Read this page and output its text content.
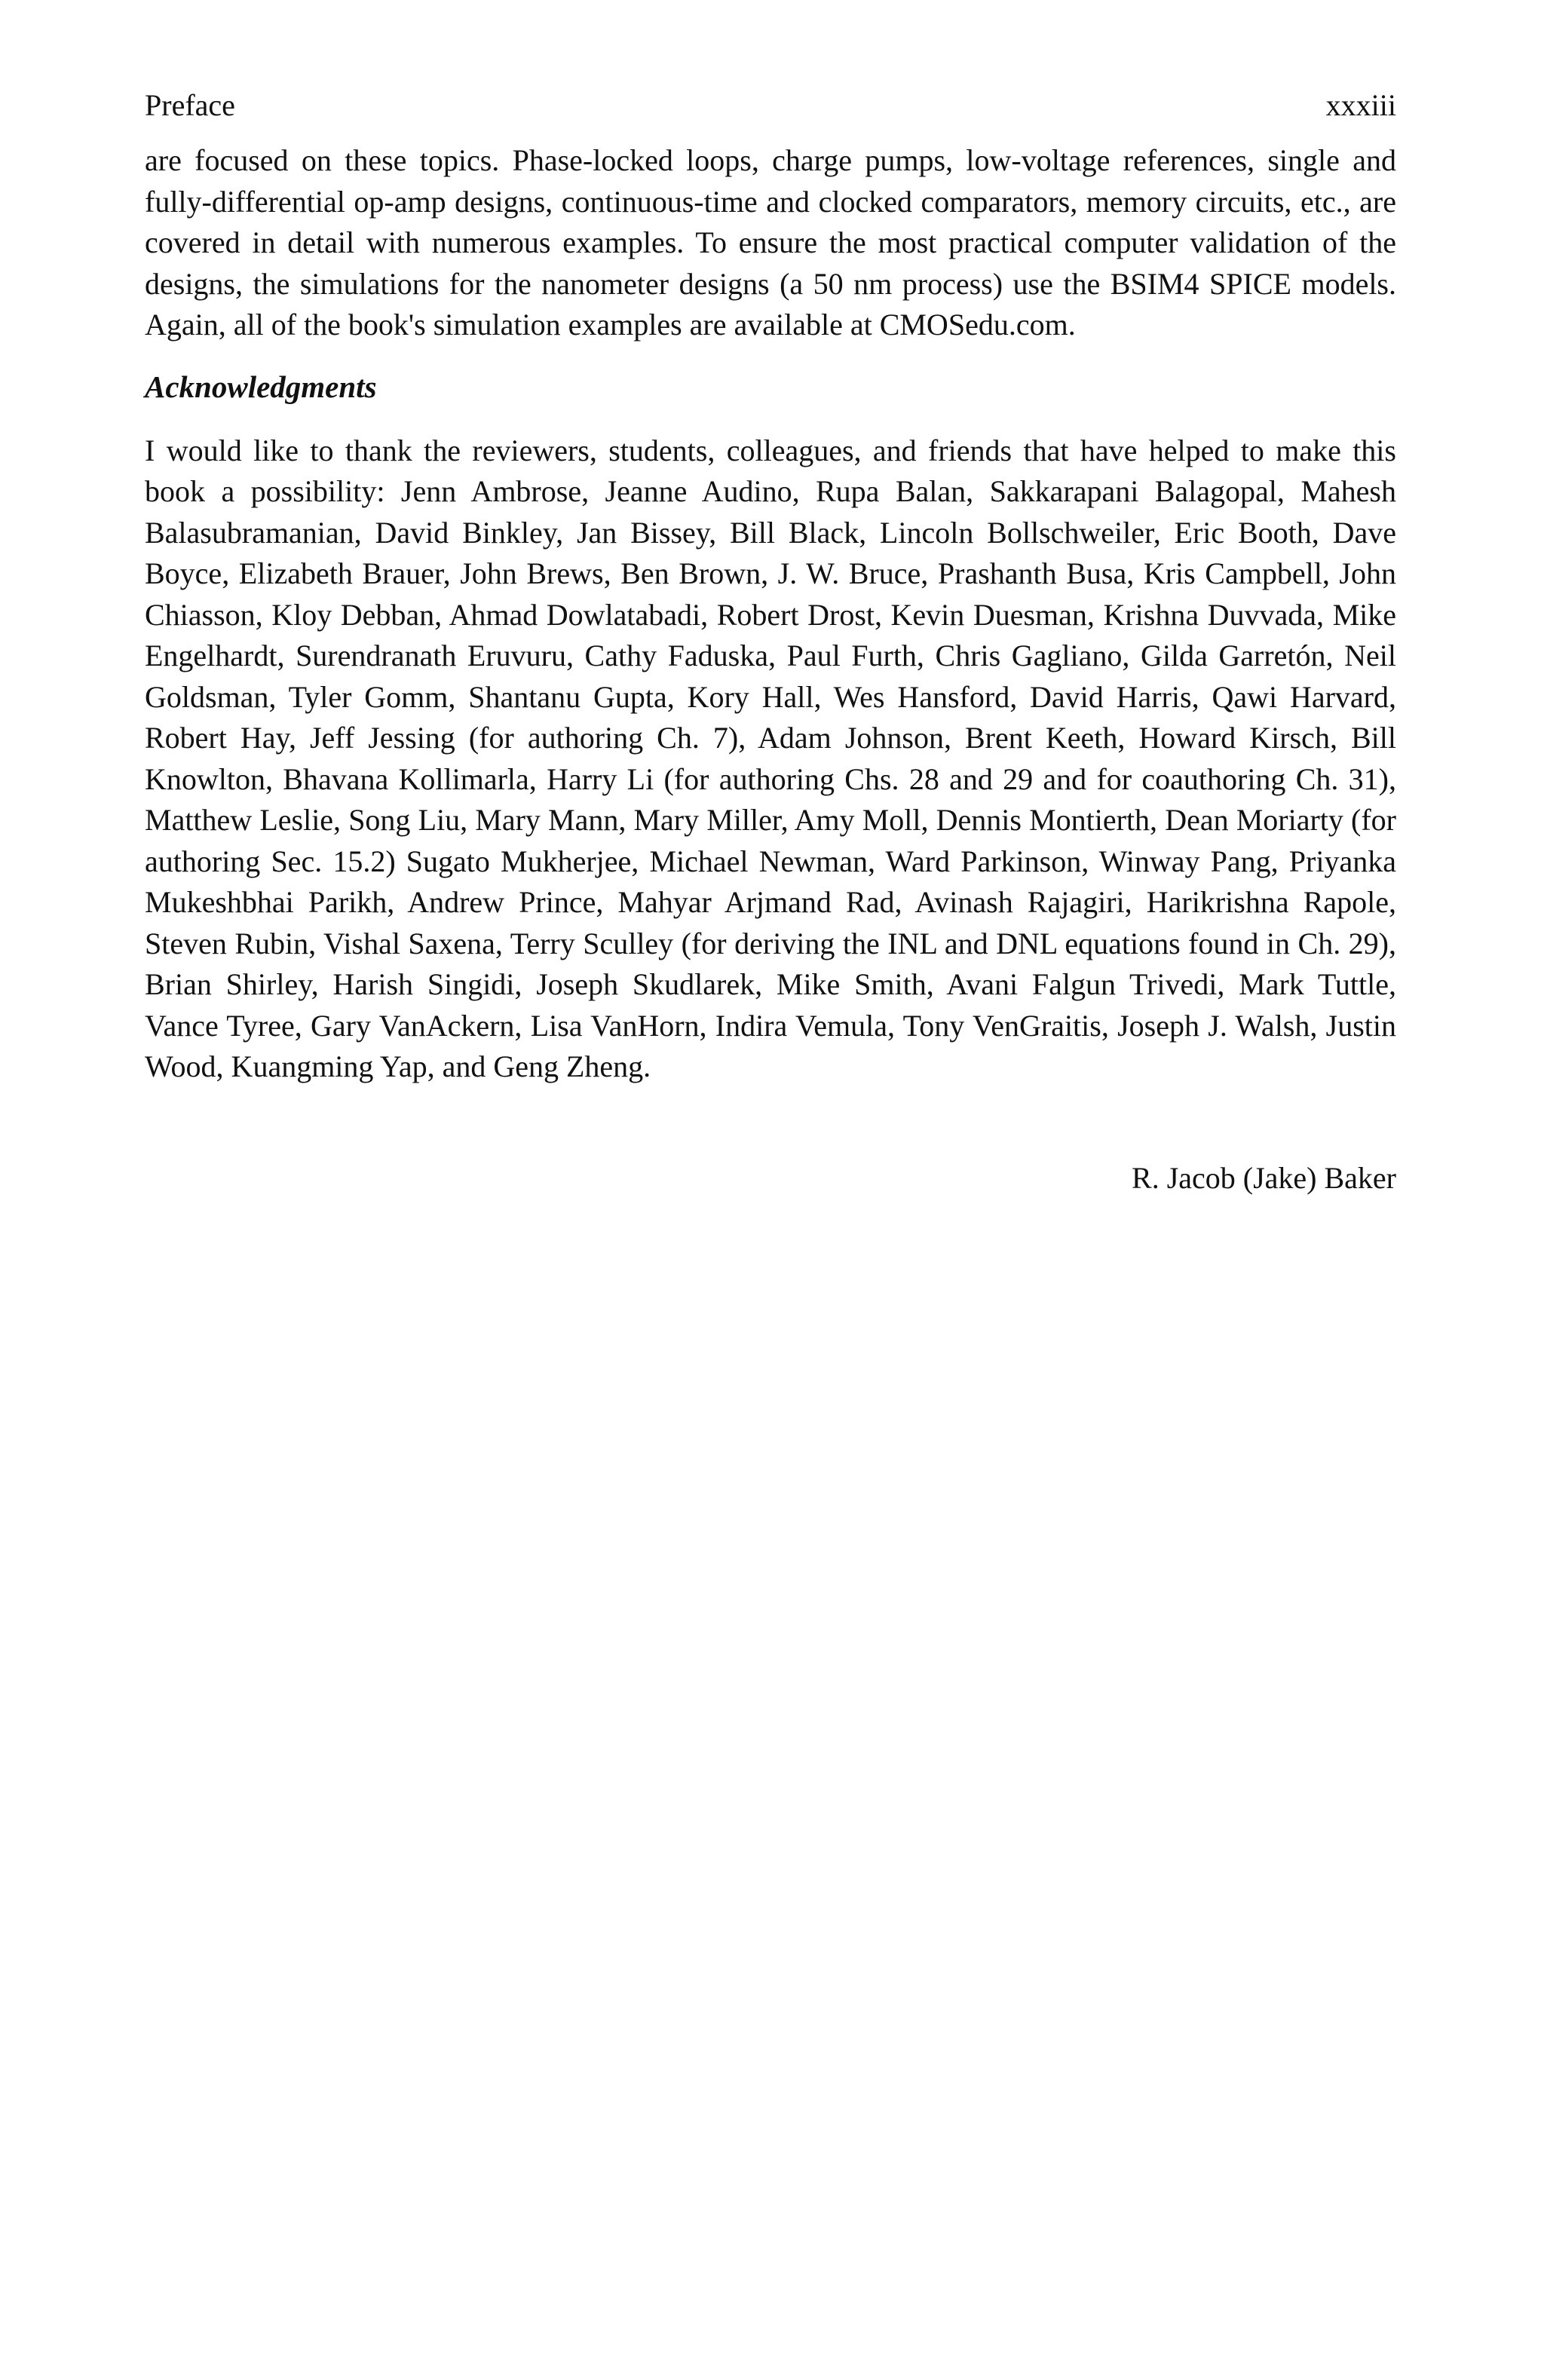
Preface	xxxiii

are focused on these topics. Phase-locked loops, charge pumps, low-voltage references, single and fully-differential op-amp designs, continuous-time and clocked comparators, memory circuits, etc., are covered in detail with numerous examples. To ensure the most practical computer validation of the designs, the simulations for the nanometer designs (a 50 nm process) use the BSIM4 SPICE models. Again, all of the book's simulation examples are available at CMOSedu.com.

Acknowledgments

I would like to thank the reviewers, students, colleagues, and friends that have helped to make this book a possibility: Jenn Ambrose, Jeanne Audino, Rupa Balan, Sakkarapani Balagopal, Mahesh Balasubramanian, David Binkley, Jan Bissey, Bill Black, Lincoln Bollschweiler, Eric Booth, Dave Boyce, Elizabeth Brauer, John Brews, Ben Brown, J. W. Bruce, Prashanth Busa, Kris Campbell, John Chiasson, Kloy Debban, Ahmad Dowlatabadi, Robert Drost, Kevin Duesman, Krishna Duvvada, Mike Engelhardt, Surendranath Eruvuru, Cathy Faduska, Paul Furth, Chris Gagliano, Gilda Garretón, Neil Goldsman, Tyler Gomm, Shantanu Gupta, Kory Hall, Wes Hansford, David Harris, Qawi Harvard, Robert Hay, Jeff Jessing (for authoring Ch. 7), Adam Johnson, Brent Keeth, Howard Kirsch, Bill Knowlton, Bhavana Kollimarla, Harry Li (for authoring Chs. 28 and 29 and for coauthoring Ch. 31), Matthew Leslie, Song Liu, Mary Mann, Mary Miller, Amy Moll, Dennis Montierth, Dean Moriarty (for authoring Sec. 15.2) Sugato Mukherjee, Michael Newman, Ward Parkinson, Winway Pang, Priyanka Mukeshbhai Parikh, Andrew Prince, Mahyar Arjmand Rad, Avinash Rajagiri, Harikrishna Rapole, Steven Rubin, Vishal Saxena, Terry Sculley (for deriving the INL and DNL equations found in Ch. 29), Brian Shirley, Harish Singidi, Joseph Skudlarek, Mike Smith, Avani Falgun Trivedi, Mark Tuttle, Vance Tyree, Gary VanAckern, Lisa VanHorn, Indira Vemula, Tony VenGraitis, Joseph J. Walsh, Justin Wood, Kuangming Yap, and Geng Zheng.

R. Jacob (Jake) Baker
